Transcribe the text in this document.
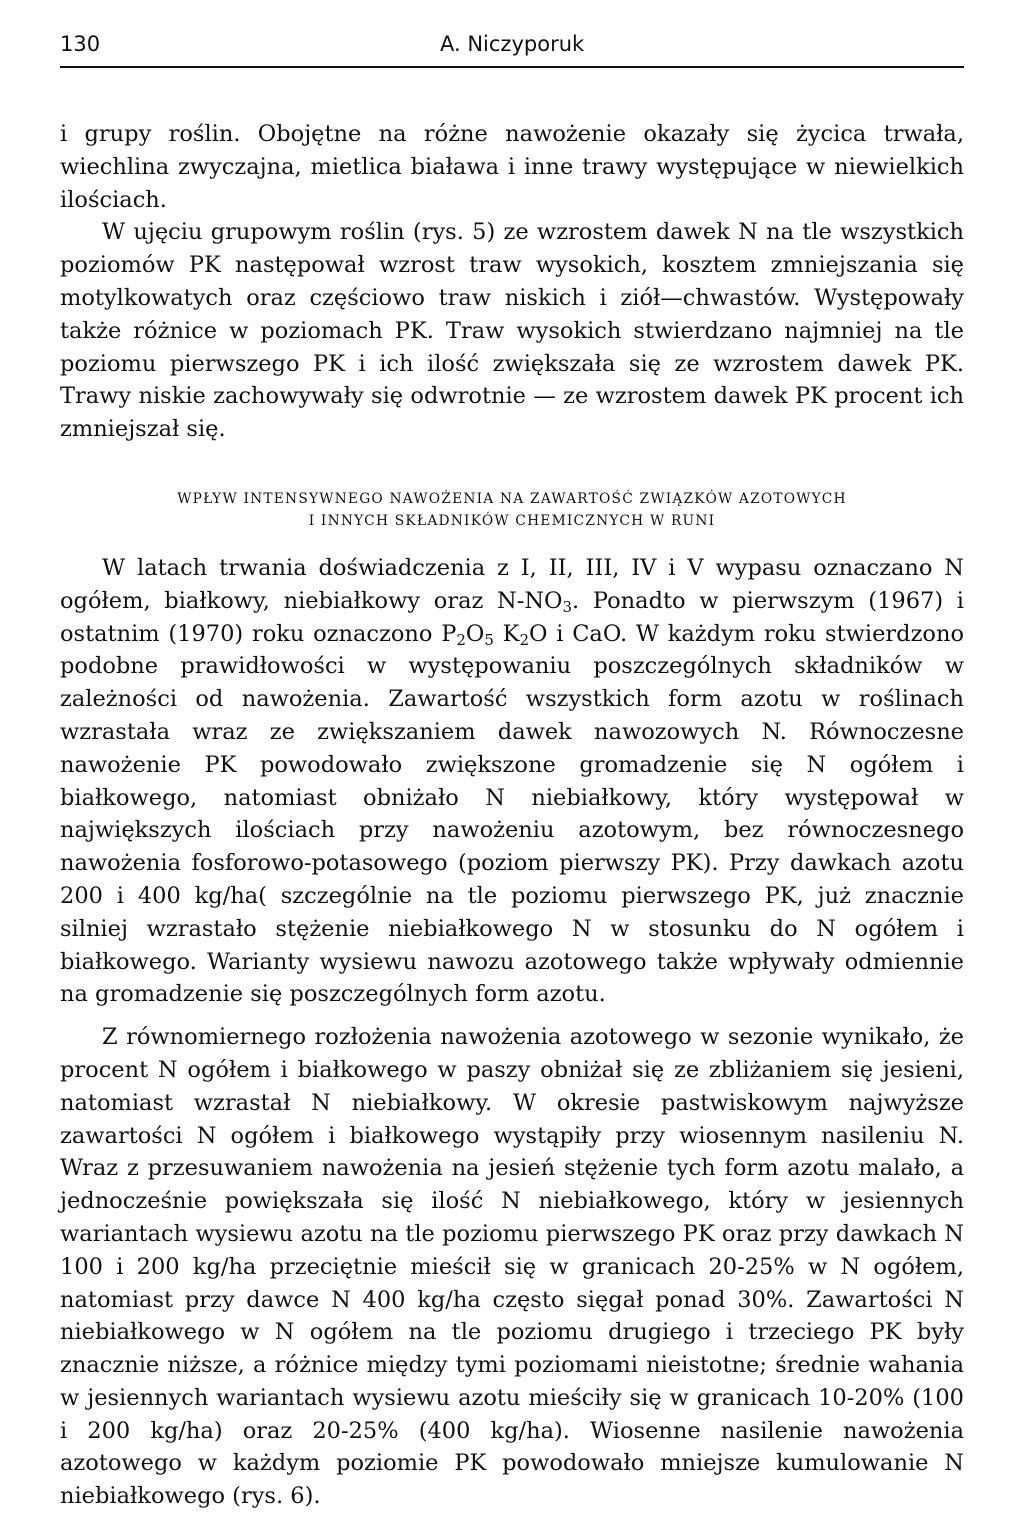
130	A. Niczyporuk

i grupy roślin. Obojętne na różne nawożenie okazały się życica trwała, wiechlina zwyczajna, mietlica biaława i inne trawy występujące w niewielkich ilościach.

W ujęciu grupowym roślin (rys. 5) ze wzrostem dawek N na tle wszystkich poziomów PK następował wzrost traw wysokich, kosztem zmniejszania się motylkowatych oraz częściowo traw niskich i ziół—chwastów. Występowały także różnice w poziomach PK. Traw wysokich stwierdzano najmniej na tle poziomu pierwszego PK i ich ilość zwiększała się ze wzrostem dawek PK. Trawy niskie zachowywały się odwrotnie — ze wzrostem dawek PK procent ich zmniejszał się.

WPŁYW INTENSYWNEGO NAWOŻENIA NA ZAWARTOŚĆ ZWIĄZKÓW AZOTOWYCH
I INNYCH SKŁADNIKÓW CHEMICZNYCH W RUNI

W latach trwania doświadczenia z I, II, III, IV i V wypasu oznaczano N ogółem, białkowy, niebiałkowy oraz $N-NO_3$. Ponadto w pierwszym (1967) i ostatnim (1970) roku oznaczono $P_2O_5$ $K_2O$ i CaO. W każdym roku stwierdzono podobne prawidłowości w występowaniu poszczególnych składników w zależności od nawożenia. Zawartość wszystkich form azotu w roślinach wzrastała wraz ze zwiększaniem dawek nawozowych N. Równoczesne nawożenie PK powodowało zwiększone gromadzenie się N ogółem i białkowego, natomiast obniżało N niebiałkowy, który występował w największych ilościach przy nawożeniu azotowym, bez równoczesnego nawożenia fosforowo-potasowego (poziom pierwszy PK). Przy dawkach azotu 200 i 400 kg/ha( szczególnie na tle poziomu pierwszego PK, już znacznie silniej wzrastało stężenie niebiałkowego N w stosunku do N ogółem i białkowego. Warianty wysiewu nawozu azotowego także wpływały odmiennie na gromadzenie się poszczególnych form azotu.

Z równomiernego rozłożenia nawożenia azotowego w sezonie wynikało, że procent N ogółem i białkowego w paszy obniżał się ze zbliżaniem się jesieni, natomiast wzrastał N niebiałkowy. W okresie pastwiskowym najwyższe zawartości N ogółem i białkowego wystąpiły przy wiosennym nasileniu N. Wraz z przesuwaniem nawożenia na jesień stężenie tych form azotu malało, a jednocześnie powiększała się ilość N niebiałkowego, który w jesiennych wariantach wysiewu azotu na tle poziomu pierwszego PK oraz przy dawkach N 100 i 200 kg/ha przeciętnie mieścił się w granicach 20-25% w N ogółem, natomiast przy dawce N 400 kg/ha często sięgał ponad 30%. Zawartości N niebiałkowego w N ogółem na tle poziomu drugiego i trzeciego PK były znacznie niższe, a różnice między tymi poziomami nieistotne; średnie wahania w jesiennych wariantach wysiewu azotu mieściły się w granicach 10-20% (100 i 200 kg/ha) oraz 20-25% (400 kg/ha). Wiosenne nasilenie nawożenia azotowego w każdym poziomie PK powodowało mniejsze kumulowanie N niebiałkowego (rys. 6).
